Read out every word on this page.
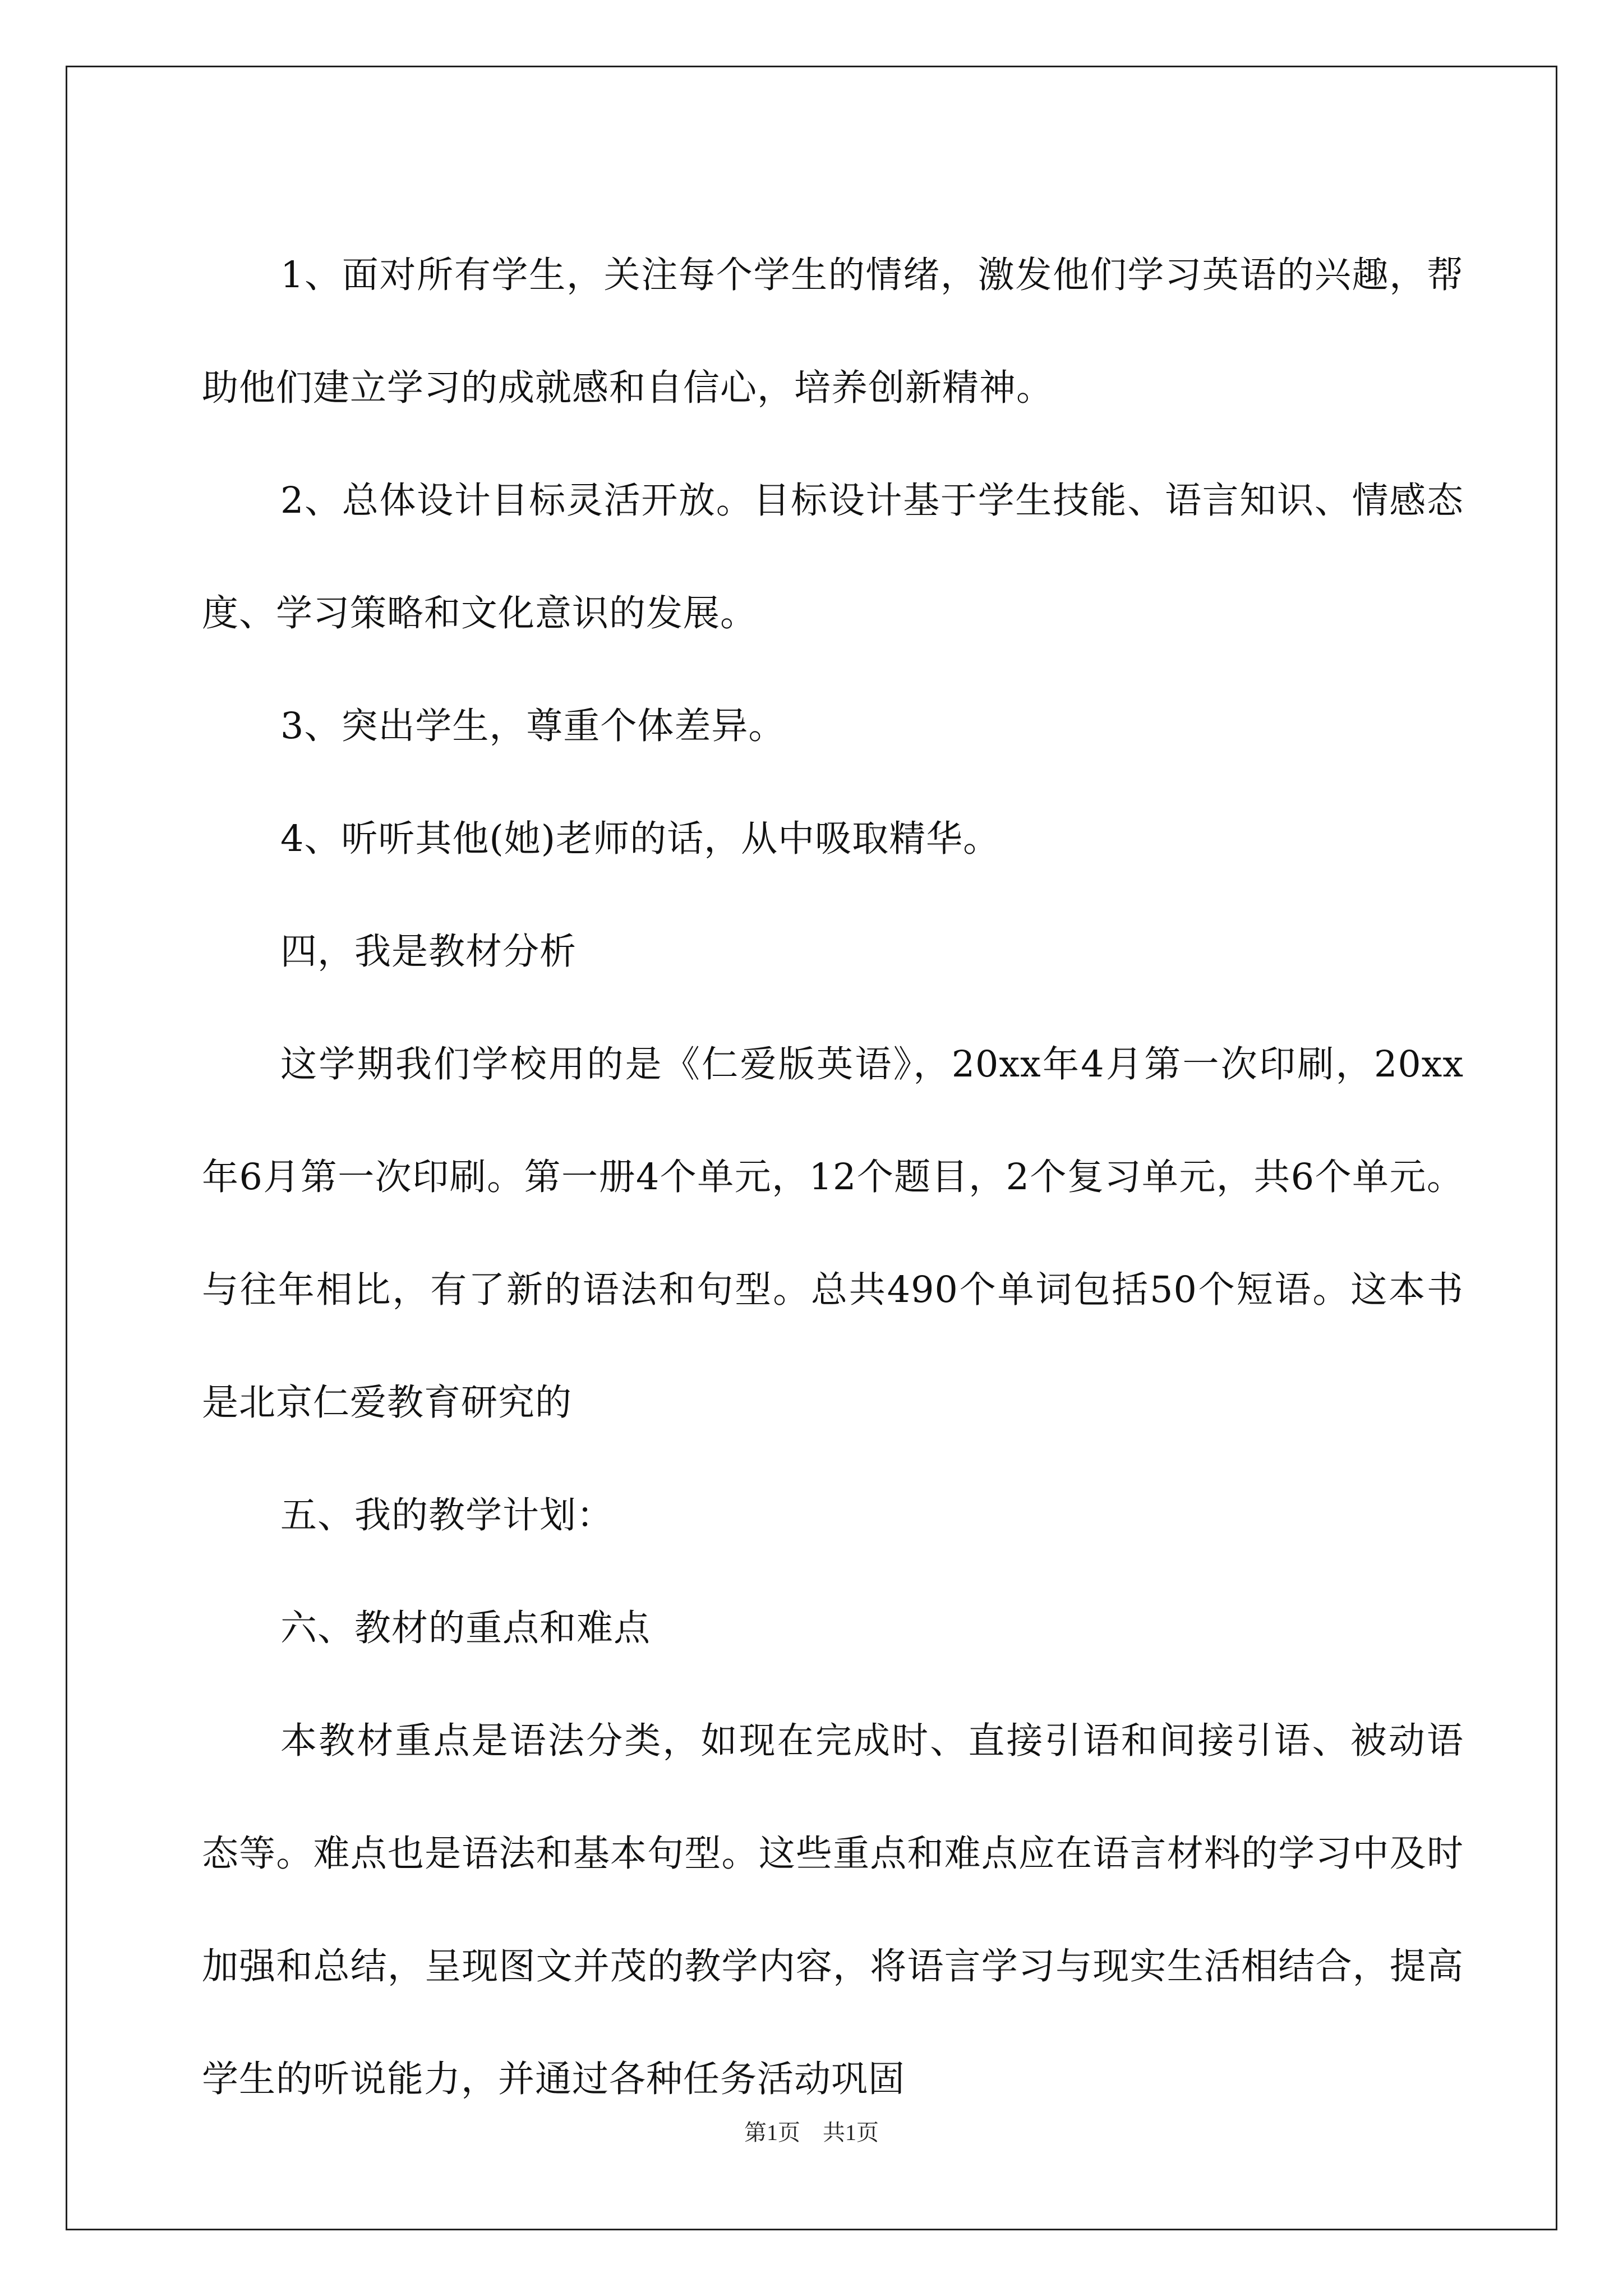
1、面对所有学生，关注每个学生的情绪，激发他们学习英语的兴趣，帮助他们建立学习的成就感和自信心，培养创新精神。

2、总体设计目标灵活开放。目标设计基于学生技能、语言知识、情感态度、学习策略和文化意识的发展。

3、突出学生，尊重个体差异。

4、听听其他(她)老师的话，从中吸取精华。

四，我是教材分析

这学期我们学校用的是《仁爱版英语》，20xx年4月第一次印刷，20xx年6月第一次印刷。第一册4个单元，12个题目，2个复习单元，共6个单元。与往年相比，有了新的语法和句型。总共490个单词包括50个短语。这本书是北京仁爱教育研究的

五、我的教学计划：

六、教材的重点和难点

本教材重点是语法分类，如现在完成时、直接引语和间接引语、被动语态等。难点也是语法和基本句型。这些重点和难点应在语言材料的学习中及时加强和总结，呈现图文并茂的教学内容，将语言学习与现实生活相结合，提高学生的听说能力，并通过各种任务活动巩固

第1页　共1页
